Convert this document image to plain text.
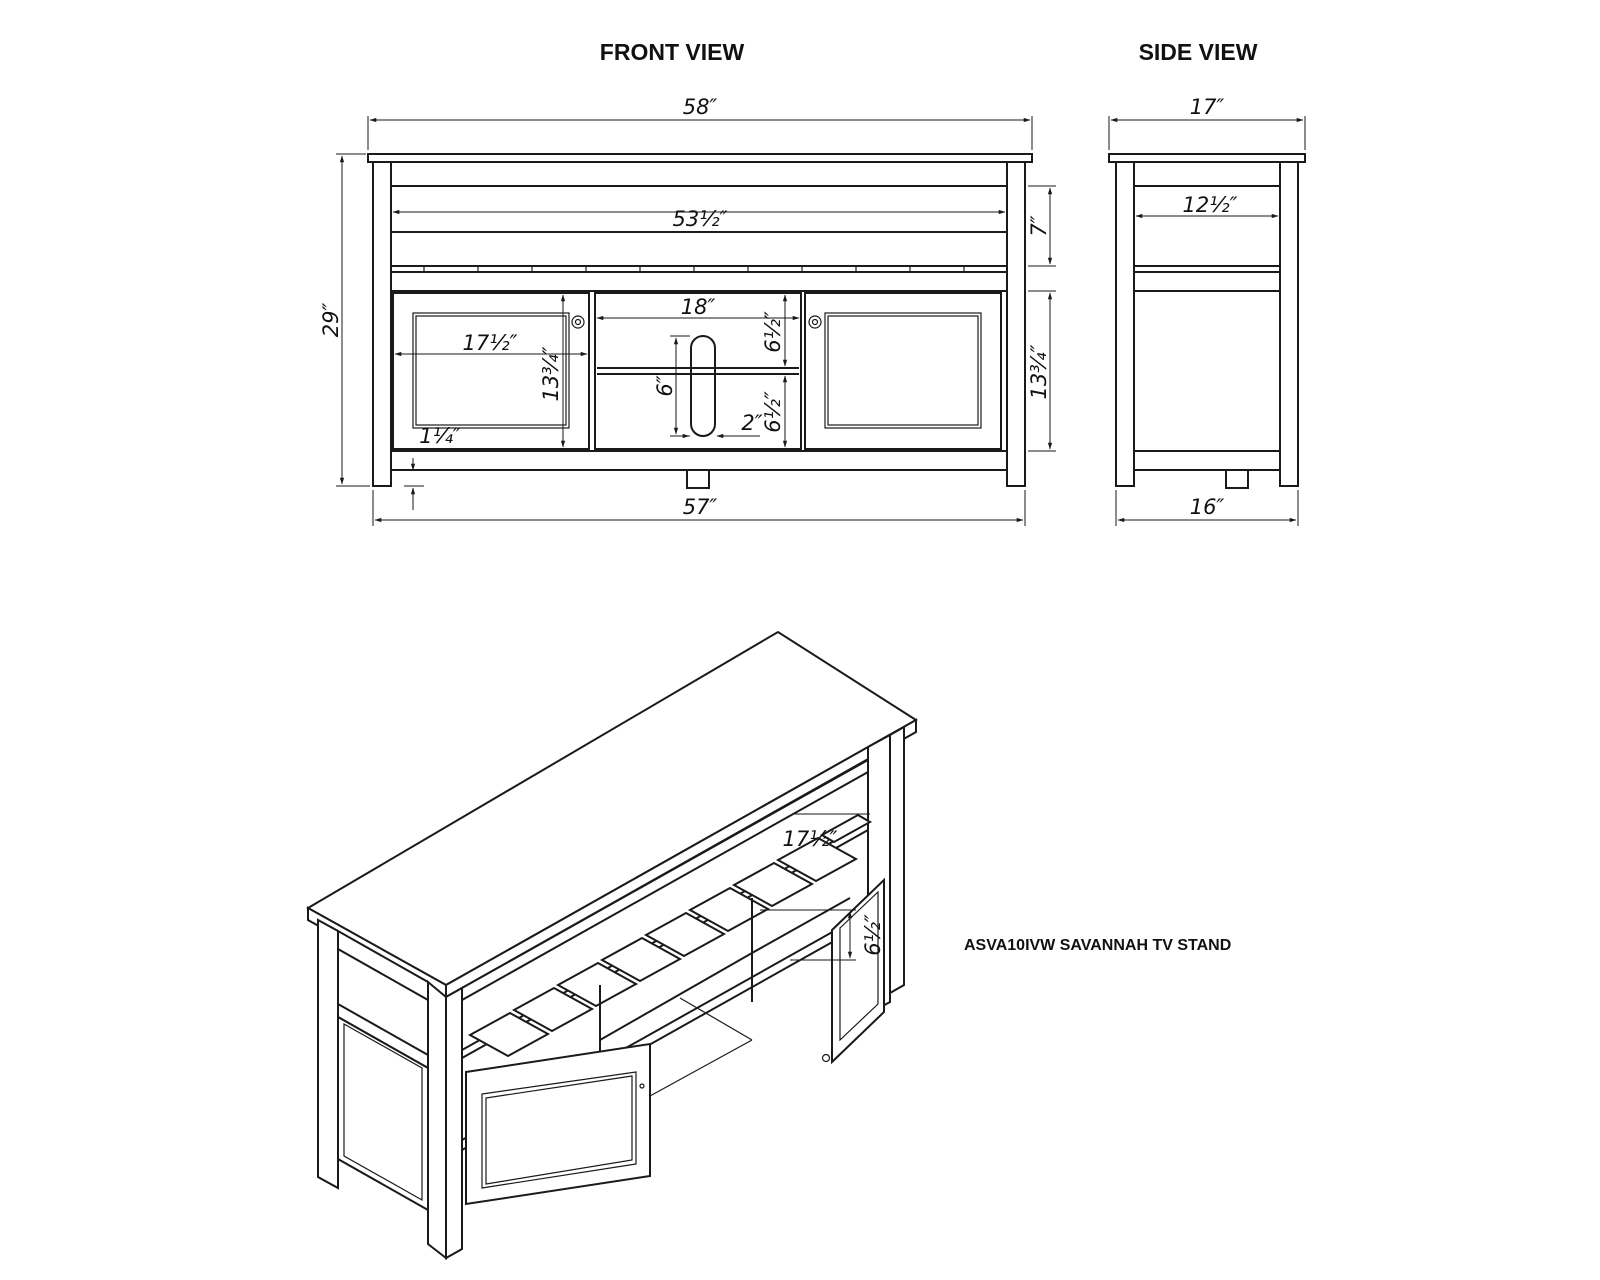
FRONT VIEW	SIDE VIEW
58″
53½″
57″
29″
7″
13¾″
17½″
13¾″
1¼″
18″
6½″
6½″
6″
2″
17″
12½″
16″
17½″
6½″	ASVA10IVW SAVANNAH TV STAND
